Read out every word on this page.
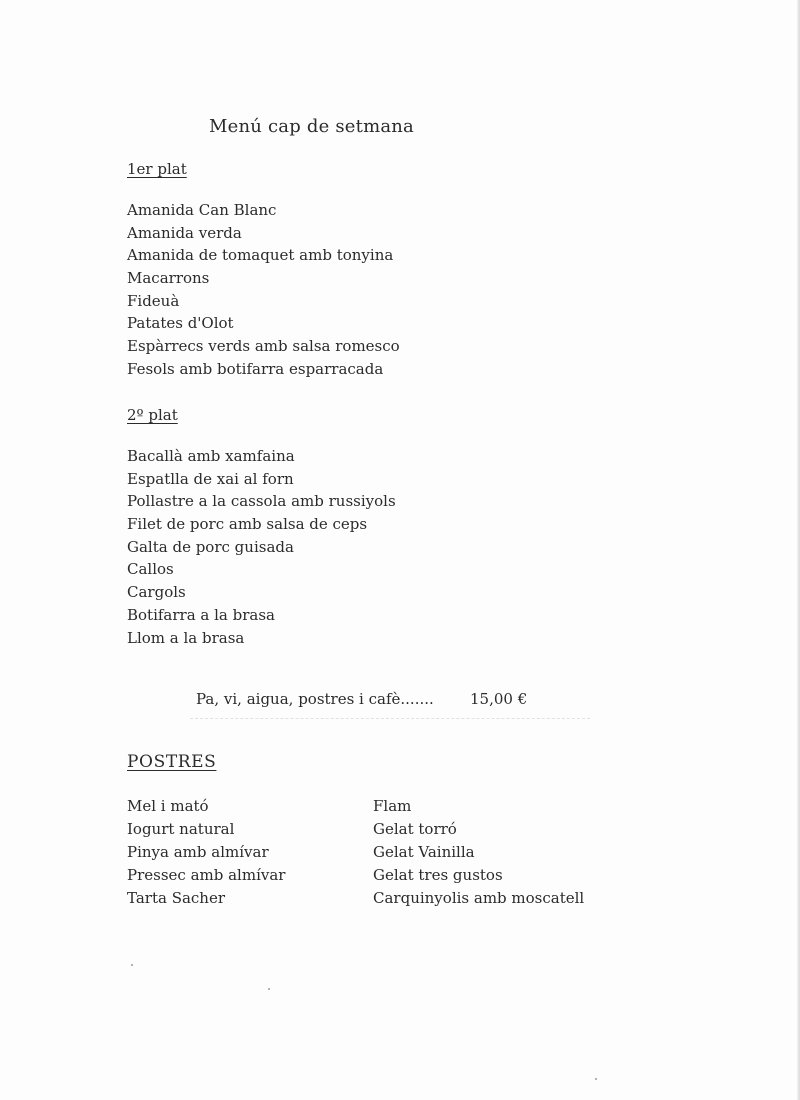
Menú cap de setmana
1er plat
Amanida Can Blanc
Amanida verda
Amanida de tomaquet amb tonyina
Macarrons
Fideuà
Patates d'Olot
Espàrrecs verds amb salsa romesco
Fesols amb botifarra esparracada
2º plat
Bacallà amb xamfaina
Espatlla de xai al forn
Pollastre a la cassola amb russiyols
Filet de porc amb salsa de ceps
Galta de porc guisada
Callos
Cargols
Botifarra a la brasa
Llom a la brasa
Pa, vi, aigua, postres i cafè....... 15,00 €
POSTRES
Mel i mató
Iogurt natural
Pinya amb almívar
Pressec amb almívar
Tarta Sacher
Flam
Gelat torró
Gelat Vainilla
Gelat tres gustos
Carquinyolis amb moscatell
